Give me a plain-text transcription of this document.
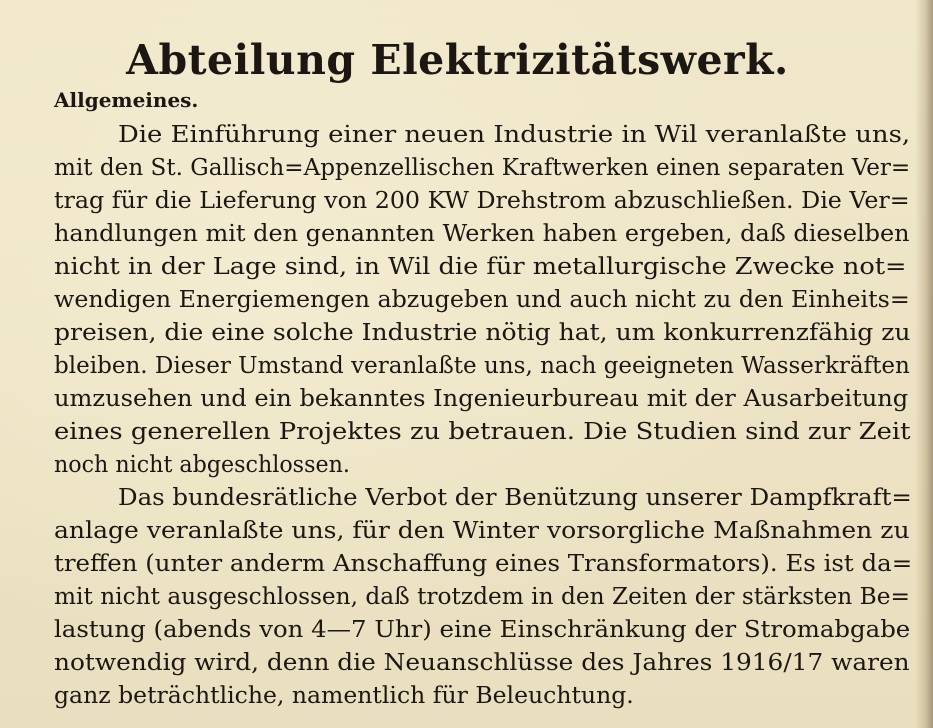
Abteilung Elektrizitätswerk.
Allgemeines.
Die Einführung einer neuen Industrie in Wil veranlaßte uns,
mit den St. Gallisch=Appenzellischen Kraftwerken einen separaten Ver=
trag für die Lieferung von 200 KW Drehstrom abzuschließen. Die Ver=
handlungen mit den genannten Werken haben ergeben, daß dieselben
nicht in der Lage sind, in Wil die für metallurgische Zwecke not=
wendigen Energiemengen abzugeben und auch nicht zu den Einheits=
preisen, die eine solche Industrie nötig hat, um konkurrenzfähig zu
bleiben. Dieser Umstand veranlaßte uns, nach geeigneten Wasserkräften
umzusehen und ein bekanntes Ingenieurbureau mit der Ausarbeitung
eines generellen Projektes zu betrauen. Die Studien sind zur Zeit
noch nicht abgeschlossen.
Das bundesrätliche Verbot der Benützung unserer Dampfkraft=
anlage veranlaßte uns, für den Winter vorsorgliche Maßnahmen zu
treffen (unter anderm Anschaffung eines Transformators). Es ist da=
mit nicht ausgeschlossen, daß trotzdem in den Zeiten der stärksten Be=
lastung (abends von 4—7 Uhr) eine Einschränkung der Stromabgabe
notwendig wird, denn die Neuanschlüsse des Jahres 1916/17 waren
ganz beträchtliche, namentlich für Beleuchtung.
